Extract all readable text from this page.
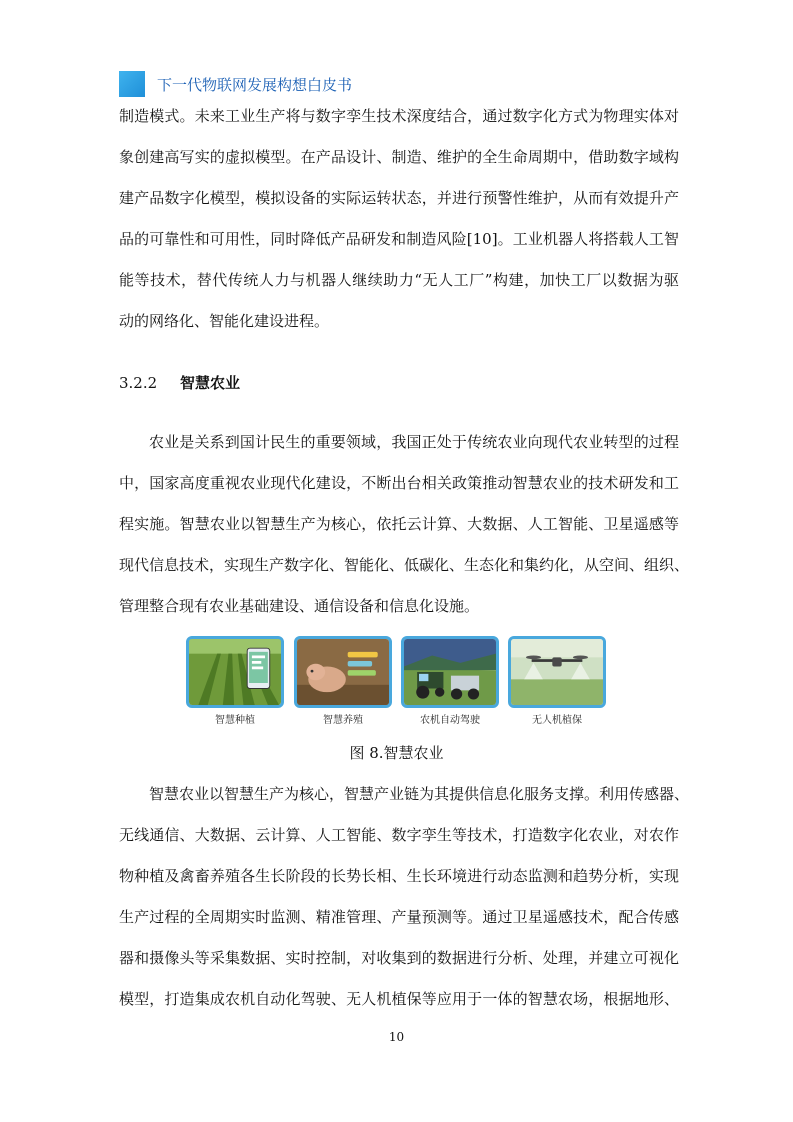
下一代物联网发展构想白皮书
制造模式。未来工业生产将与数字孪生技术深度结合，通过数字化方式为物理实体对
象创建高写实的虚拟模型。在产品设计、制造、维护的全生命周期中，借助数字域构
建产品数字化模型，模拟设备的实际运转状态，并进行预警性维护，从而有效提升产
品的可靠性和可用性，同时降低产品研发和制造风险[10]。工业机器人将搭载人工智
能等技术，替代传统人力与机器人继续助力“无人工厂”构建，加快工厂以数据为驱
动的网络化、智能化建设进程。
3.2.2 智慧农业
农业是关系到国计民生的重要领域，我国正处于传统农业向现代农业转型的过程
中，国家高度重视农业现代化建设，不断出台相关政策推动智慧农业的技术研发和工
程实施。智慧农业以智慧生产为核心，依托云计算、大数据、人工智能、卫星遥感等
现代信息技术，实现生产数字化、智能化、低碳化、生态化和集约化，从空间、组织、
管理整合现有农业基础建设、通信设备和信息化设施。
智慧种植	智慧养殖	农机自动驾驶	无人机植保
图 8.智慧农业
智慧农业以智慧生产为核心，智慧产业链为其提供信息化服务支撑。利用传感器、
无线通信、大数据、云计算、人工智能、数字孪生等技术，打造数字化农业，对农作
物种植及禽畜养殖各生长阶段的长势长相、生长环境进行动态监测和趋势分析，实现
生产过程的全周期实时监测、精准管理、产量预测等。通过卫星遥感技术，配合传感
器和摄像头等采集数据、实时控制，对收集到的数据进行分析、处理，并建立可视化
模型，打造集成农机自动化驾驶、无人机植保等应用于一体的智慧农场，根据地形、
10
